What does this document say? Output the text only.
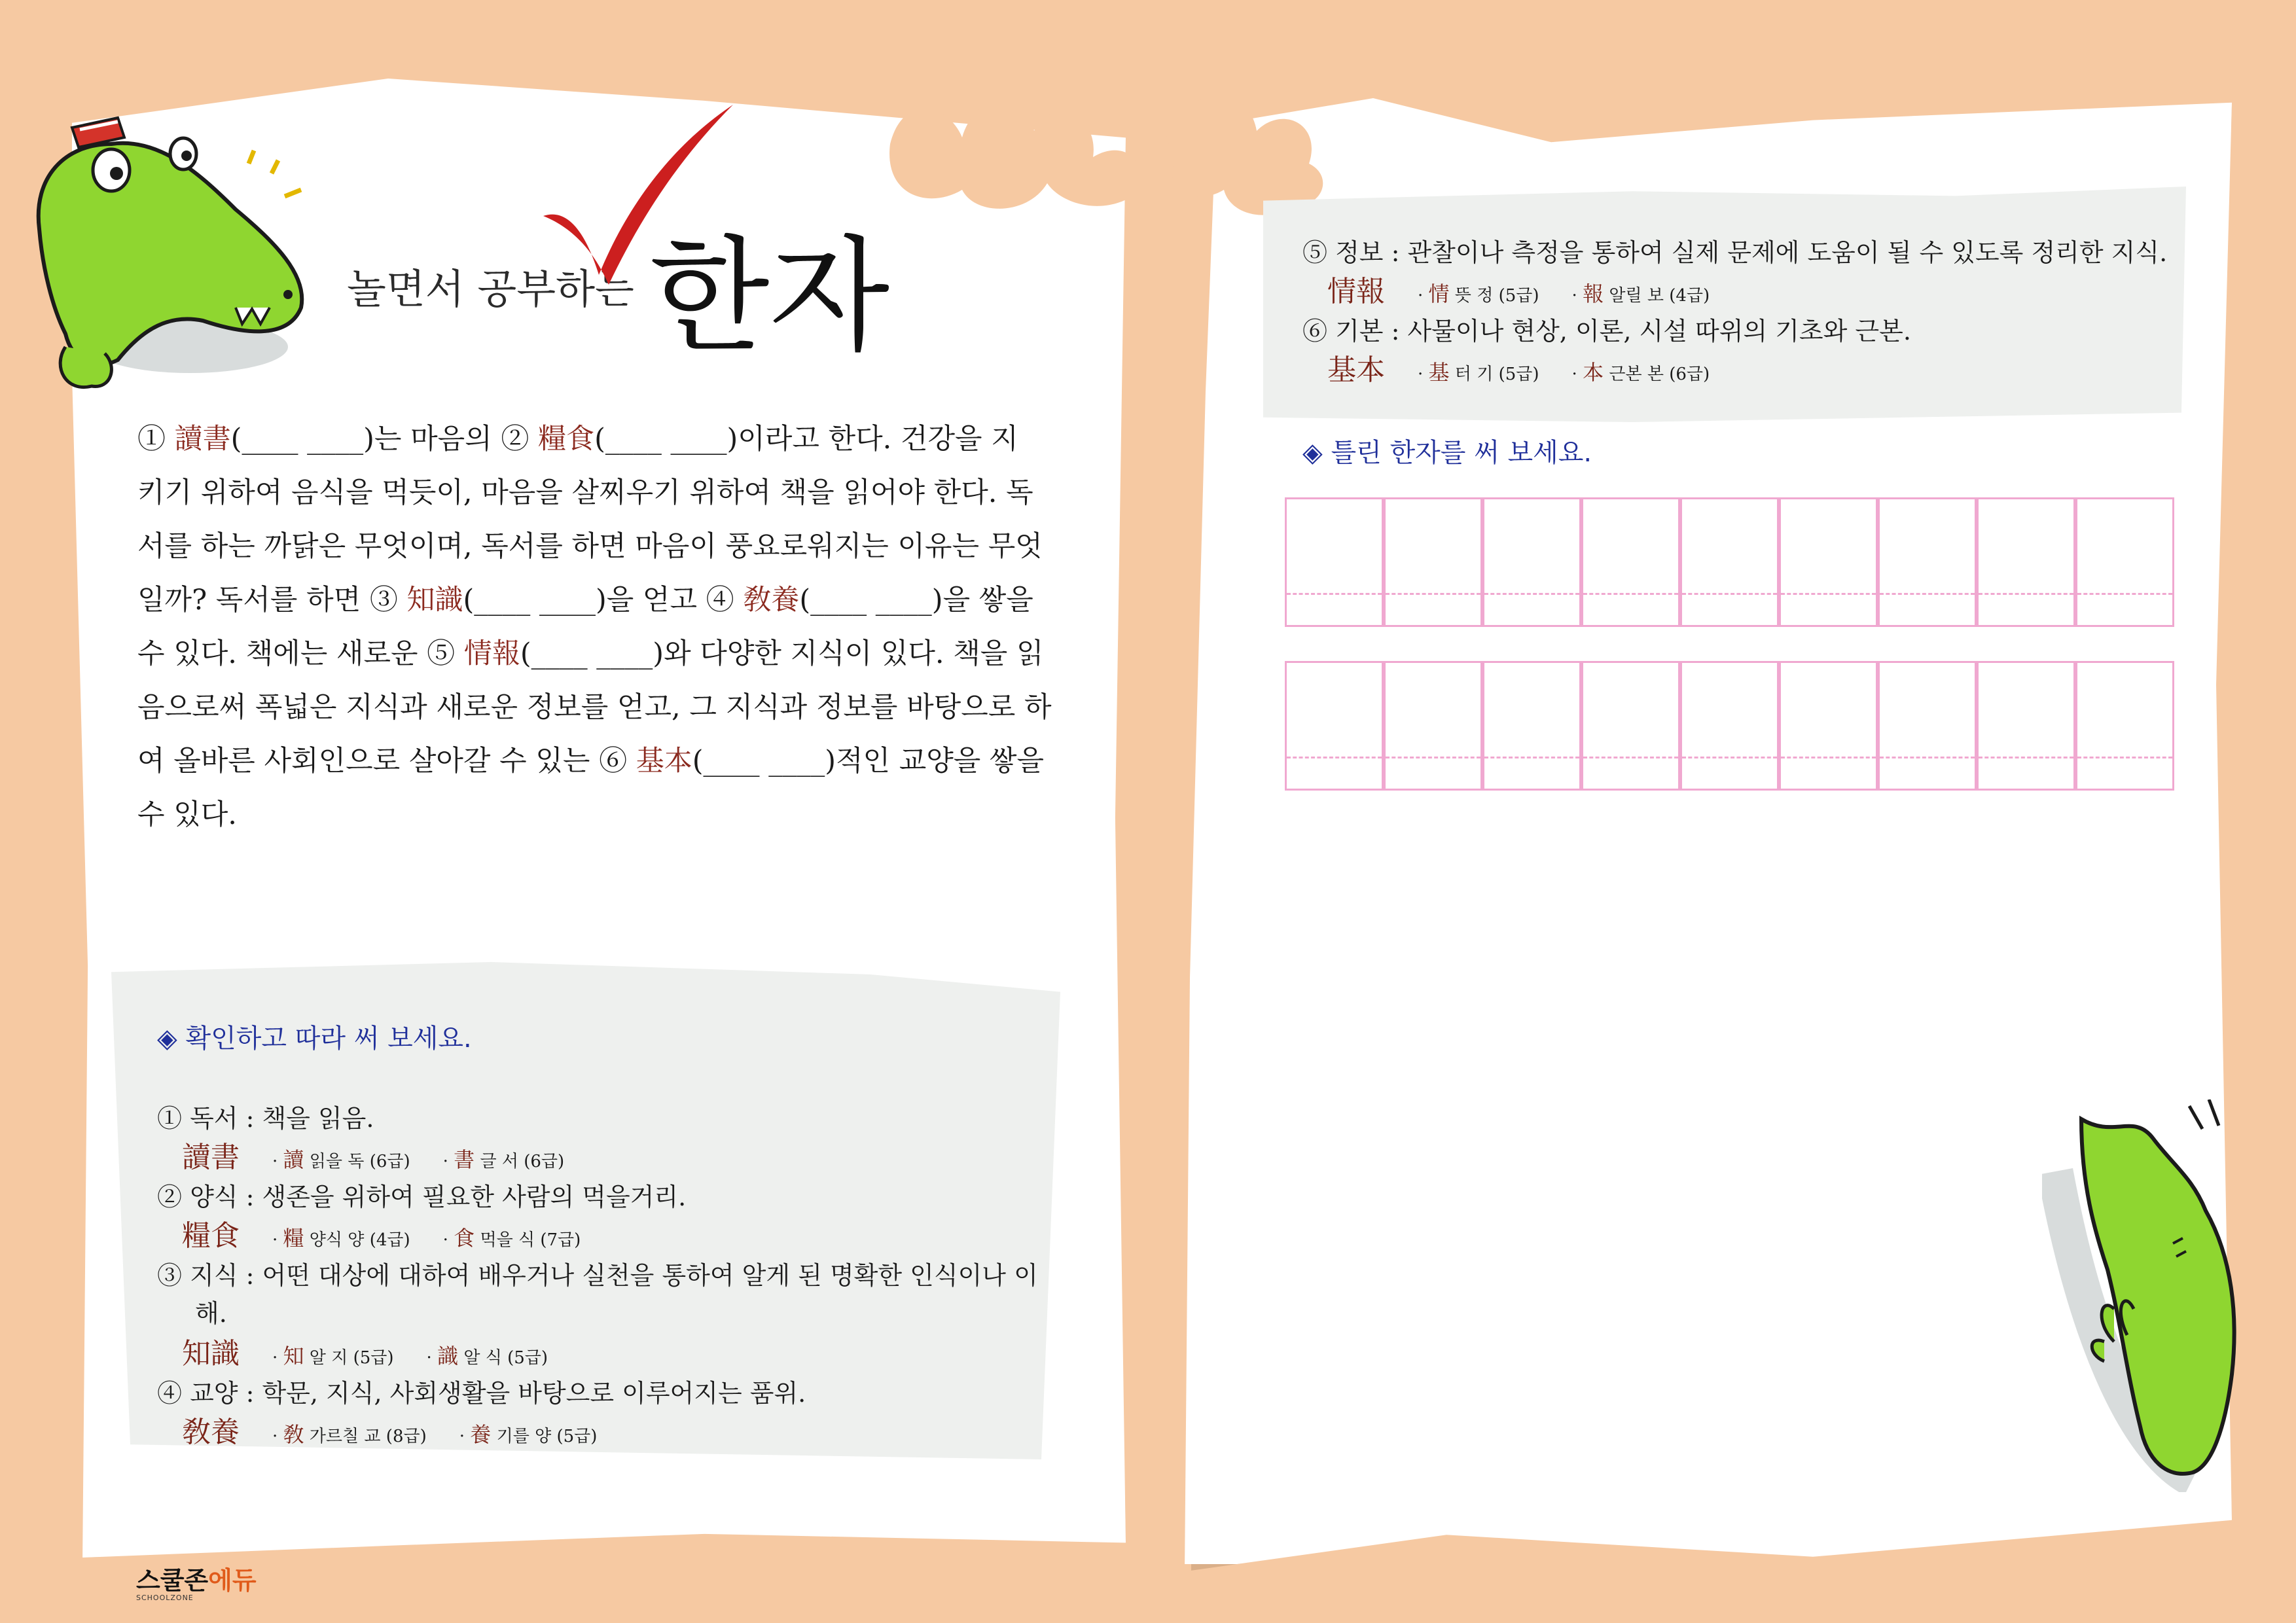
놀면서 공부하는 한자
① 讀書(____ ____)는 마음의 ② 糧食(____ ____)이라고 한다. 건강을 지
키기 위하여 음식을 먹듯이, 마음을 살찌우기 위하여 책을 읽어야 한다. 독
서를 하는 까닭은 무엇이며, 독서를 하면 마음이 풍요로워지는 이유는 무엇
일까? 독서를 하면 ③ 知識(____ ____)을 얻고 ④ 敎養(____ ____)을 쌓을
수 있다. 책에는 새로운 ⑤ 情報(____ ____)와 다양한 지식이 있다. 책을 읽
음으로써 폭넓은 지식과 새로운 정보를 얻고, 그 지식과 정보를 바탕으로 하
여 올바른 사회인으로 살아갈 수 있는 ⑥ 基本(____ ____)적인 교양을 쌓을
수 있다.
◈ 확인하고 따라 써 보세요.
① 독서 : 책을 읽음.
讀書 · 讀 읽을 독 (6급) · 書 글 서 (6급)
② 양식 : 생존을 위하여 필요한 사람의 먹을거리.
糧食 · 糧 양식 양 (4급) · 食 먹을 식 (7급)
③ 지식 : 어떤 대상에 대하여 배우거나 실천을 통하여 알게 된 명확한 인식이나 이
해.
知識 · 知 알 지 (5급) · 識 알 식 (5급)
④ 교양 : 학문, 지식, 사회생활을 바탕으로 이루어지는 품위.
敎養 · 敎 가르칠 교 (8급) · 養 기를 양 (5급)
⑤ 정보 : 관찰이나 측정을 통하여 실제 문제에 도움이 될 수 있도록 정리한 지식.
情報 · 情 뜻 정 (5급) · 報 알릴 보 (4급)
⑥ 기본 : 사물이나 현상, 이론, 시설 따위의 기초와 근본.
基本 · 基 터 기 (5급) · 本 근본 본 (6급)
◈ 틀린 한자를 써 보세요.
스쿨존에듀
SCHOOLZONE
